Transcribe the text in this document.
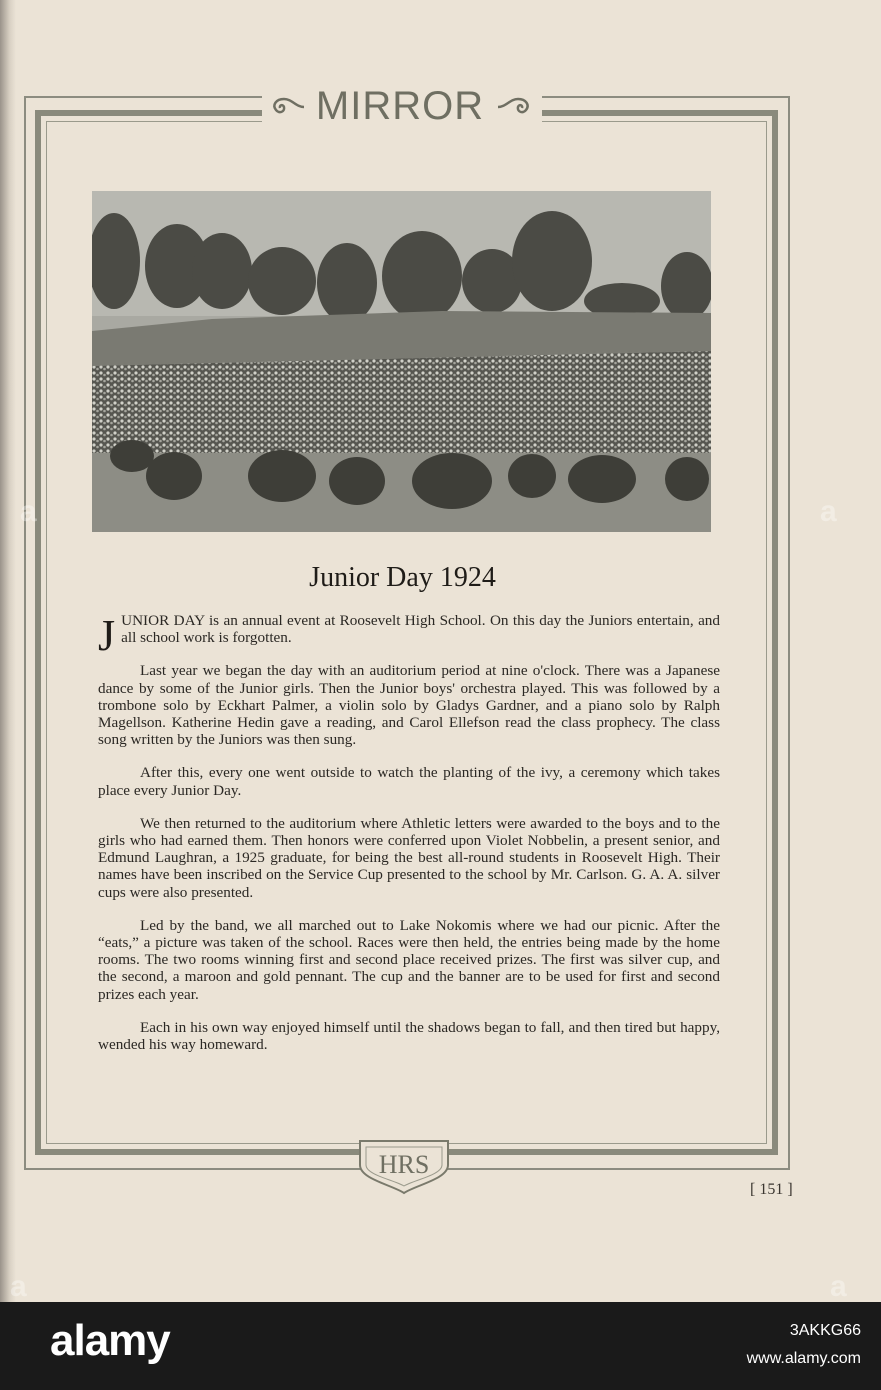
MIRROR
Junior Day 1924

JUNIOR DAY is an annual event at Roosevelt High School. On this day the Juniors entertain, and all school work is forgotten.

Last year we began the day with an auditorium period at nine o'clock. There was a Japanese dance by some of the Junior girls. Then the Junior boys' orchestra played. This was followed by a trombone solo by Eckhart Palmer, a violin solo by Gladys Gardner, and a piano solo by Ralph Magellson. Katherine Hedin gave a reading, and Carol Ellefson read the class prophecy. The class song written by the Juniors was then sung.

After this, every one went outside to watch the planting of the ivy, a ceremony which takes place every Junior Day.

We then returned to the auditorium where Athletic letters were awarded to the boys and to the girls who had earned them. Then honors were conferred upon Violet Nobbelin, a present senior, and Edmund Laughran, a 1925 graduate, for being the best all-round students in Roosevelt High. Their names have been inscribed on the Service Cup presented to the school by Mr. Carlson. G. A. A. silver cups were also presented.

Led by the band, we all marched out to Lake Nokomis where we had our picnic. After the “eats,” a picture was taken of the school. Races were then held, the entries being made by the home rooms. The two rooms winning first and second place received prizes. The first was silver cup, and the second, a maroon and gold pennant. The cup and the banner are to be used for first and second prizes each year.

Each in his own way enjoyed himself until the shadows began to fall, and then tired but happy, wended his way homeward.

HRS
[ 151 ]
a
a
a
a
alamy	3AKKG66
www.alamy.com
